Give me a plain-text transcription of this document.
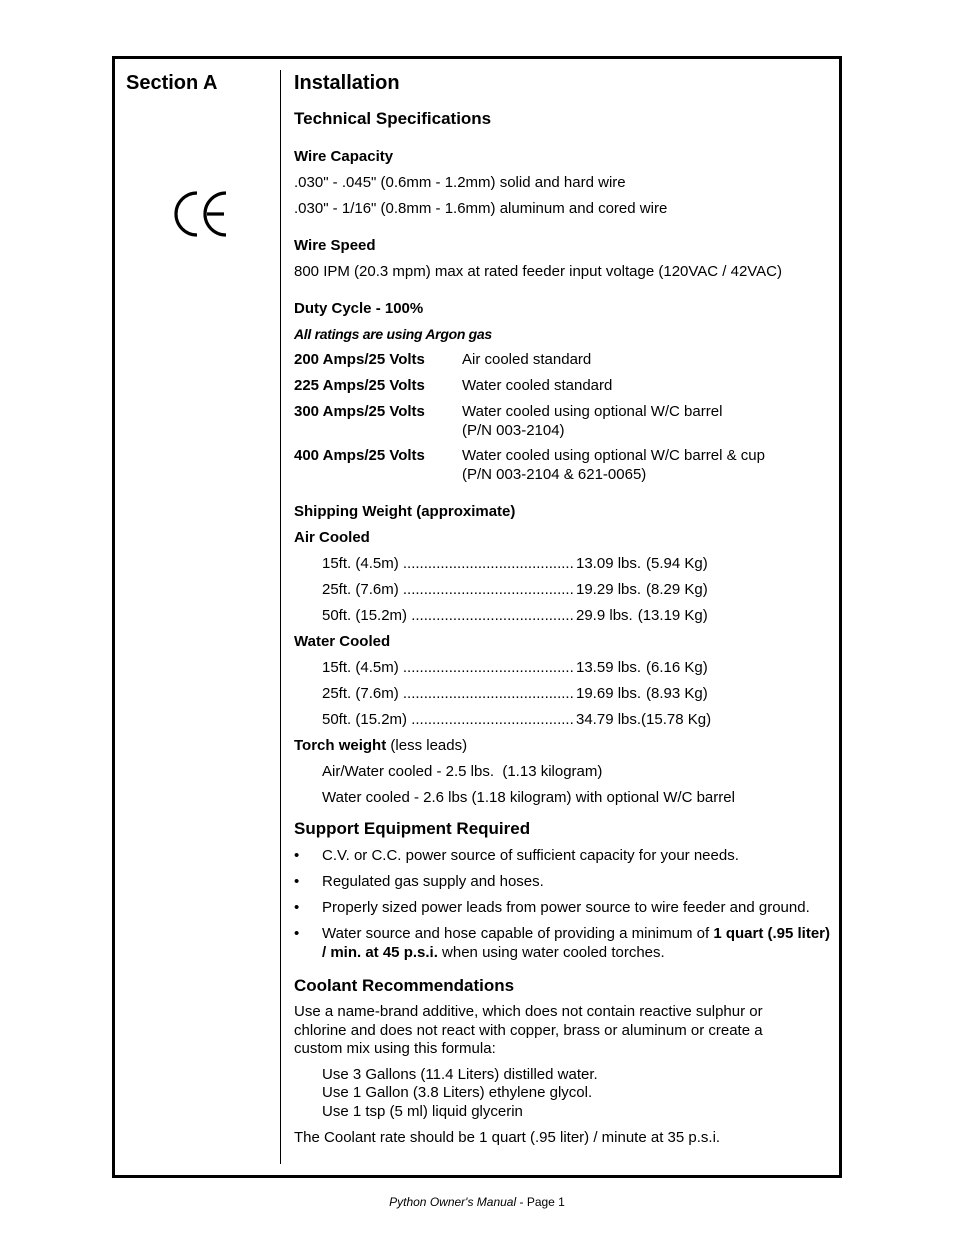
Section A	Installation
Technical Specifications
Wire Capacity
.030" - .045" (0.6mm - 1.2mm) solid and hard wire
.030" - 1/16" (0.8mm - 1.6mm) aluminum and cored wire
Wire Speed
800 IPM (20.3 mpm) max at rated feeder input voltage (120VAC / 42VAC)
Duty Cycle - 100%
All ratings are using Argon gas
200 Amps/25 Volts	Air cooled standard
225 Amps/25 Volts	Water cooled standard
300 Amps/25 Volts	Water cooled using optional W/C barrel
(P/N 003-2104)
400 Amps/25 Volts	Water cooled using optional W/C barrel & cup
(P/N 003-2104 & 621-0065)
Shipping Weight (approximate)
Air Cooled
15ft. (4.5m) .....	13.09 lbs. (5.94 Kg)
25ft. (7.6m) .....	19.29 lbs. (8.29 Kg)
50ft. (15.2m) .....	29.9 lbs. (13.19 Kg)
Water Cooled
15ft. (4.5m) .....	13.59 lbs. (6.16 Kg)
25ft. (7.6m) .....	19.69 lbs. (8.93 Kg)
50ft. (15.2m) .....	34.79 lbs. (15.78 Kg)
Torch weight (less leads)
Air/Water cooled - 2.5 lbs.  (1.13 kilogram)
Water cooled - 2.6 lbs (1.18 kilogram) with optional W/C barrel
Support Equipment Required
•	C.V. or C.C. power source of sufficient capacity for your needs.
•	Regulated gas supply and hoses.
•	Properly sized power leads from power source to wire feeder and ground.
•	Water source and hose capable of providing a minimum of 1 quart (.95 liter) / min. at 45 p.s.i. when using water cooled torches.
Coolant Recommendations
Use a name-brand additive, which does not contain reactive sulphur or chlorine and does not react with copper, brass or aluminum or create a custom mix using this formula:
Use 3 Gallons (11.4 Liters) distilled water.
Use 1 Gallon (3.8 Liters) ethylene glycol.
Use 1 tsp (5 ml) liquid glycerin
The Coolant rate should be 1 quart (.95 liter) / minute at 35 p.s.i.
Python Owner's Manual - Page 1
